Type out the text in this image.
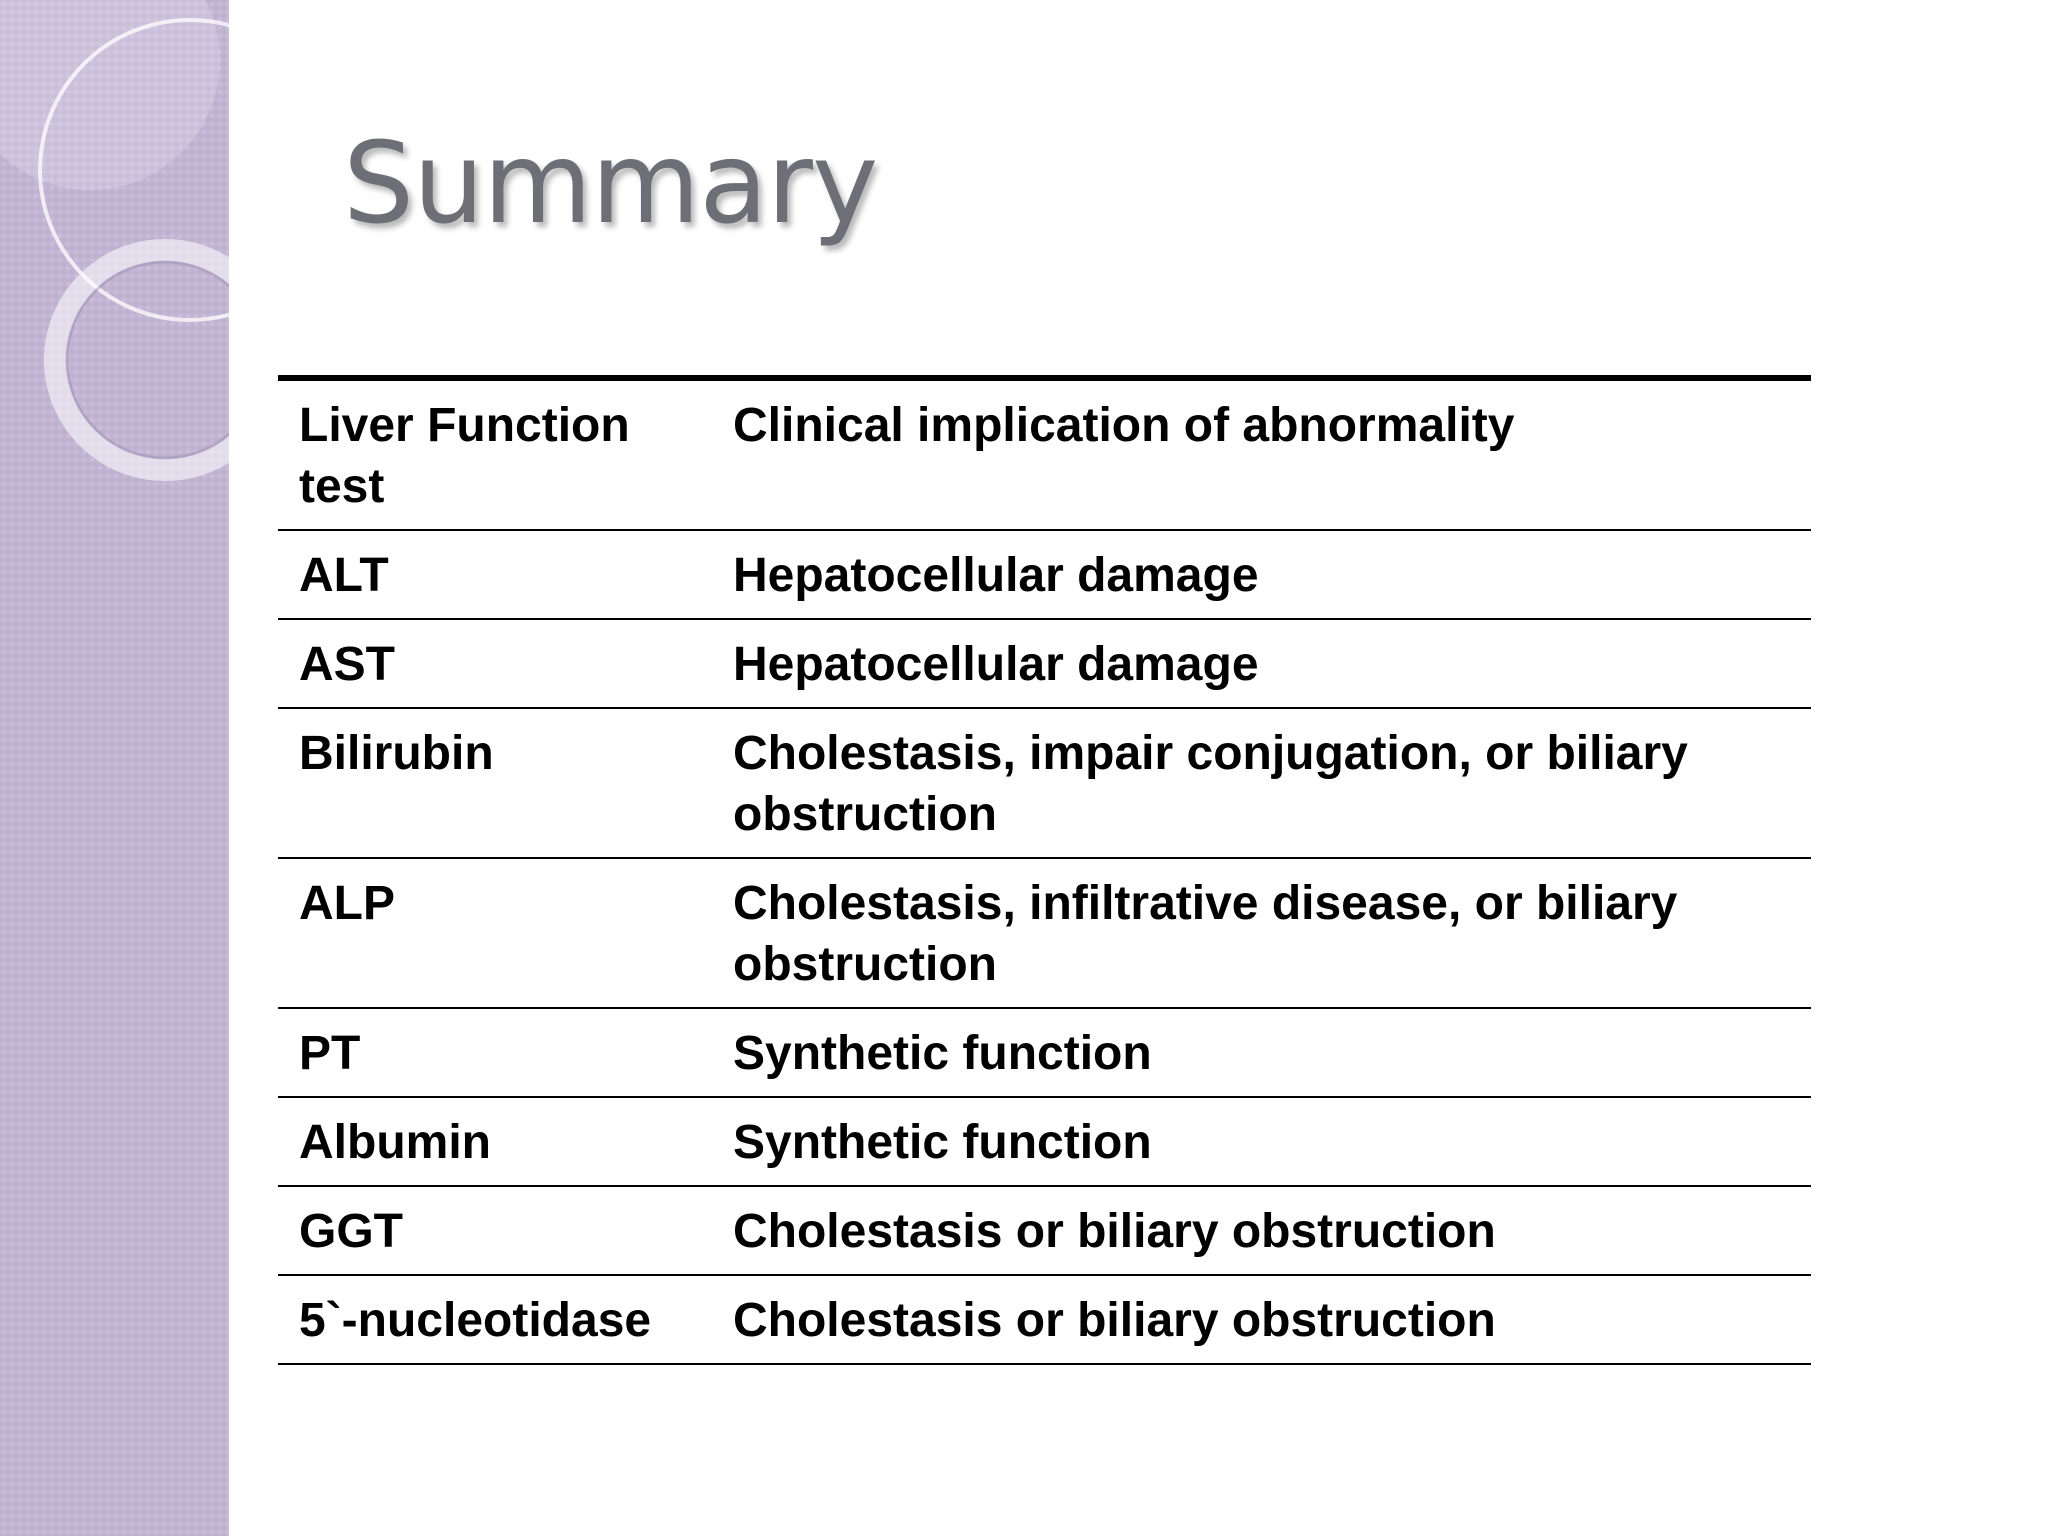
Summary
Liver Function test	Clinical implication of abnormality
ALT	Hepatocellular damage
AST	Hepatocellular damage
Bilirubin	Cholestasis, impair conjugation, or biliary obstruction
ALP	Cholestasis, infiltrative disease, or biliary obstruction
PT	Synthetic function
Albumin	Synthetic function
GGT	Cholestasis or biliary obstruction
5`-nucleotidase	Cholestasis or biliary obstruction
